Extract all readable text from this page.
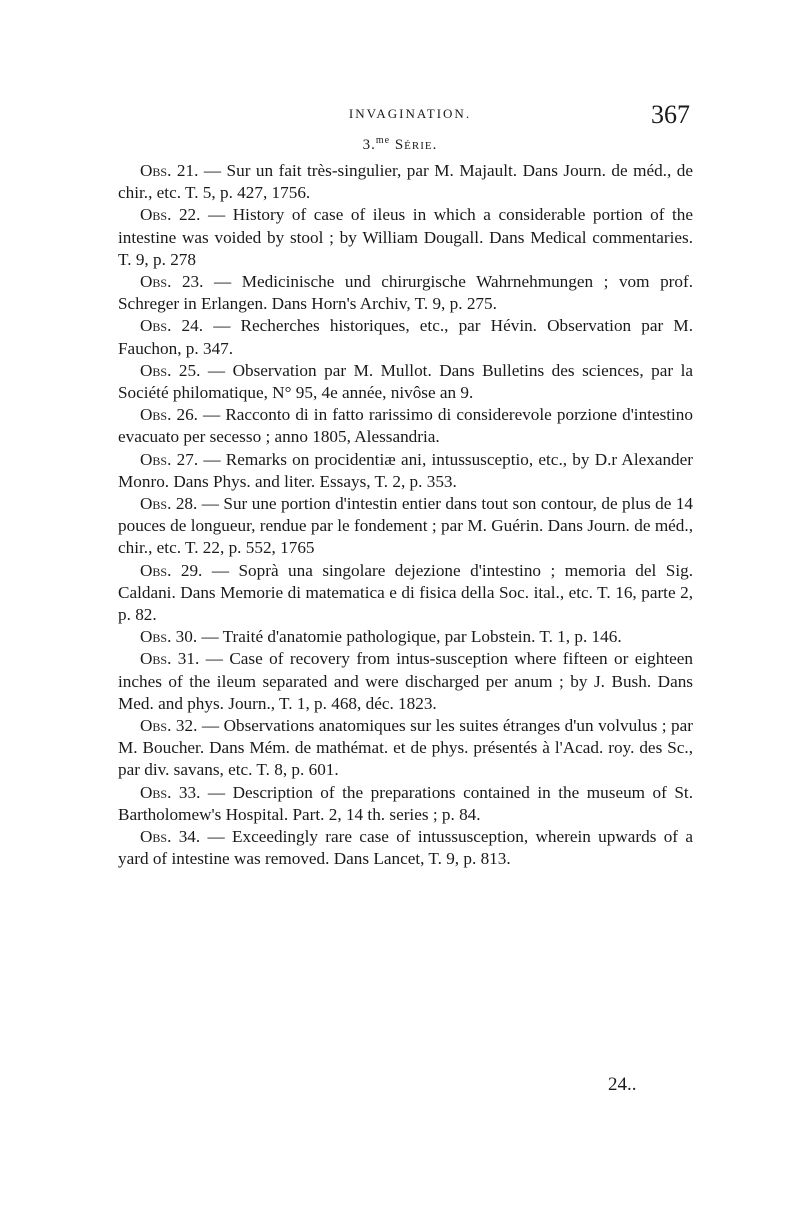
INVAGINATION.	367
3.$^{me}$ Série.

Obs. 21. — Sur un fait très-singulier, par M. Majault. Dans Journ. de méd., de chir., etc. T. 5, p. 427, 1756.

Obs. 22. — History of case of ileus in which a considerable portion of the intestine was voided by stool ; by William Dougall. Dans Medical commentaries. T. 9, p. 278

Obs. 23. — Medicinische und chirurgische Wahrnehmungen ; vom prof. Schreger in Erlangen. Dans Horn's Archiv, T. 9, p. 275.

Obs. 24. — Recherches historiques, etc., par Hévin. Observation par M. Fauchon, p. 347.

Obs. 25. — Observation par M. Mullot. Dans Bulletins des sciences, par la Société philomatique, N° 95, 4e année, nivôse an 9.

Obs. 26. — Racconto di in fatto rarissimo di considerevole porzione d'intestino evacuato per secesso ; anno 1805, Alessandria.

Obs. 27. — Remarks on procidentiæ ani, intussusceptio, etc., by D.r Alexander Monro. Dans Phys. and liter. Essays, T. 2, p. 353.

Obs. 28. — Sur une portion d'intestin entier dans tout son contour, de plus de 14 pouces de longueur, rendue par le fondement ; par M. Guérin. Dans Journ. de méd., chir., etc. T. 22, p. 552, 1765

Obs. 29. — Soprà una singolare dejezione d'intestino ; memoria del Sig. Caldani. Dans Memorie di matematica e di fisica della Soc. ital., etc. T. 16, parte 2, p. 82.

Obs. 30. — Traité d'anatomie pathologique, par Lobstein. T. 1, p. 146.

Obs. 31. — Case of recovery from intus-susception where fifteen or eighteen inches of the ileum separated and were discharged per anum ; by J. Bush. Dans Med. and phys. Journ., T. 1, p. 468, déc. 1823.

Obs. 32. — Observations anatomiques sur les suites étranges d'un volvulus ; par M. Boucher. Dans Mém. de mathémat. et de phys. présentés à l'Acad. roy. des Sc., par div. savans, etc. T. 8, p. 601.

Obs. 33. — Description of the preparations contained in the museum of St. Bartholomew's Hospital. Part. 2, 14 th. series ; p. 84.

Obs. 34. — Exceedingly rare case of intussusception, wherein upwards of a yard of intestine was removed. Dans Lancet, T. 9, p. 813.

24..
